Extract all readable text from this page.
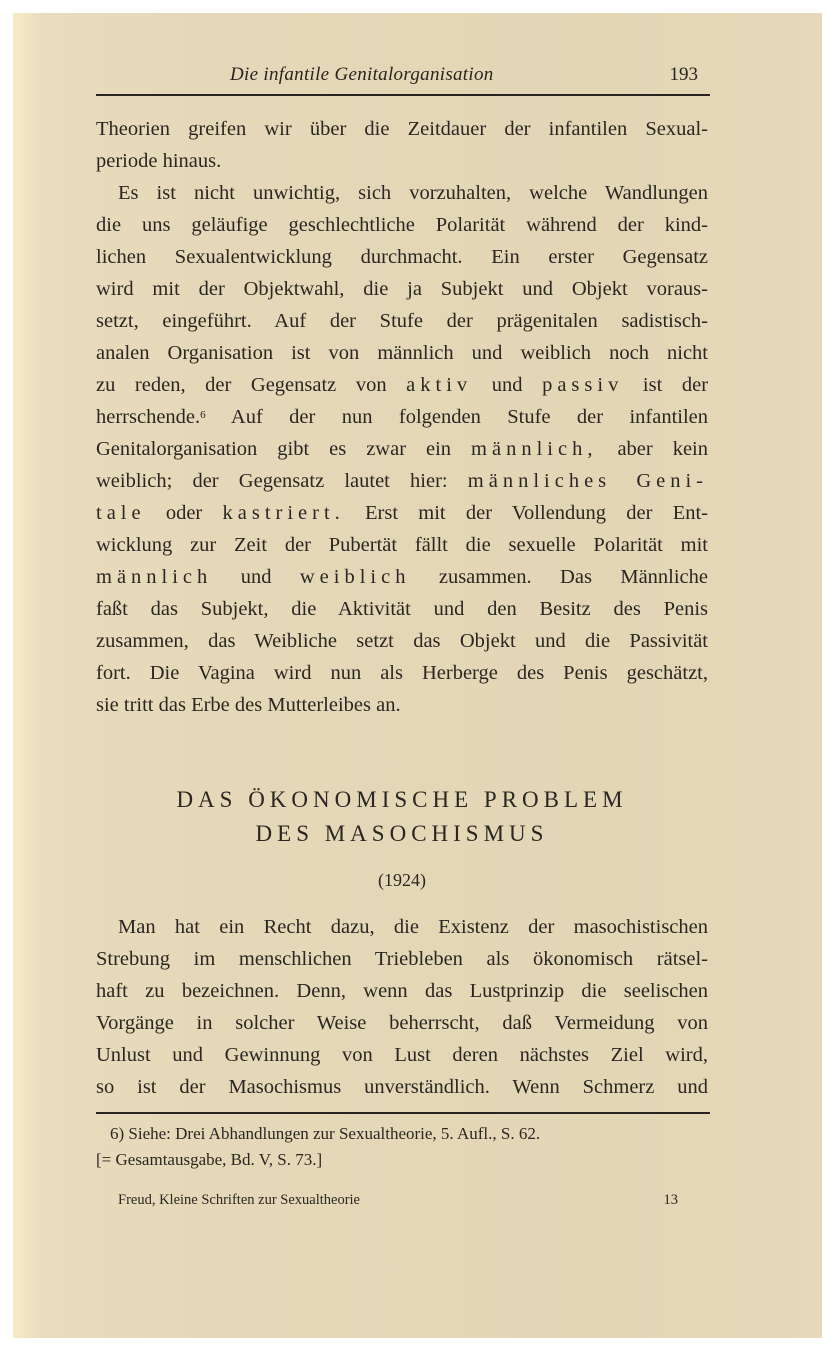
Die infantile Genitalorganisation	193
Theorien greifen wir über die Zeitdauer der infantilen Sexual-
periode hinaus.
Es ist nicht unwichtig, sich vorzuhalten, welche Wandlungen
die uns geläufige geschlechtliche Polarität während der kind-
lichen Sexualentwicklung durchmacht. Ein erster Gegensatz
wird mit der Objektwahl, die ja Subjekt und Objekt voraus-
setzt, eingeführt. Auf der Stufe der prägenitalen sadistisch-
analen Organisation ist von männlich und weiblich noch nicht
zu reden, der Gegensatz von aktiv und passiv ist der
herrschende.$^6$ Auf der nun folgenden Stufe der infantilen
Genitalorganisation gibt es zwar ein männlich, aber kein
weiblich; der Gegensatz lautet hier: männliches Geni-
tale oder kastriert. Erst mit der Vollendung der Ent-
wicklung zur Zeit der Pubertät fällt die sexuelle Polarität mit
männlich und weiblich zusammen. Das Männliche
faßt das Subjekt, die Aktivität und den Besitz des Penis
zusammen, das Weibliche setzt das Objekt und die Passivität
fort. Die Vagina wird nun als Herberge des Penis geschätzt,
sie tritt das Erbe des Mutterleibes an.
DAS ÖKONOMISCHE PROBLEM
DES MASOCHISMUS
(1924)
Man hat ein Recht dazu, die Existenz der masochistischen
Strebung im menschlichen Triebleben als ökonomisch rätsel-
haft zu bezeichnen. Denn, wenn das Lustprinzip die seelischen
Vorgänge in solcher Weise beherrscht, daß Vermeidung von
Unlust und Gewinnung von Lust deren nächstes Ziel wird,
so ist der Masochismus unverständlich. Wenn Schmerz und
6) Siehe: Drei Abhandlungen zur Sexualtheorie, 5. Aufl., S. 62.
[= Gesamtausgabe, Bd. V, S. 73.]
Freud, Kleine Schriften zur Sexualtheorie	13
